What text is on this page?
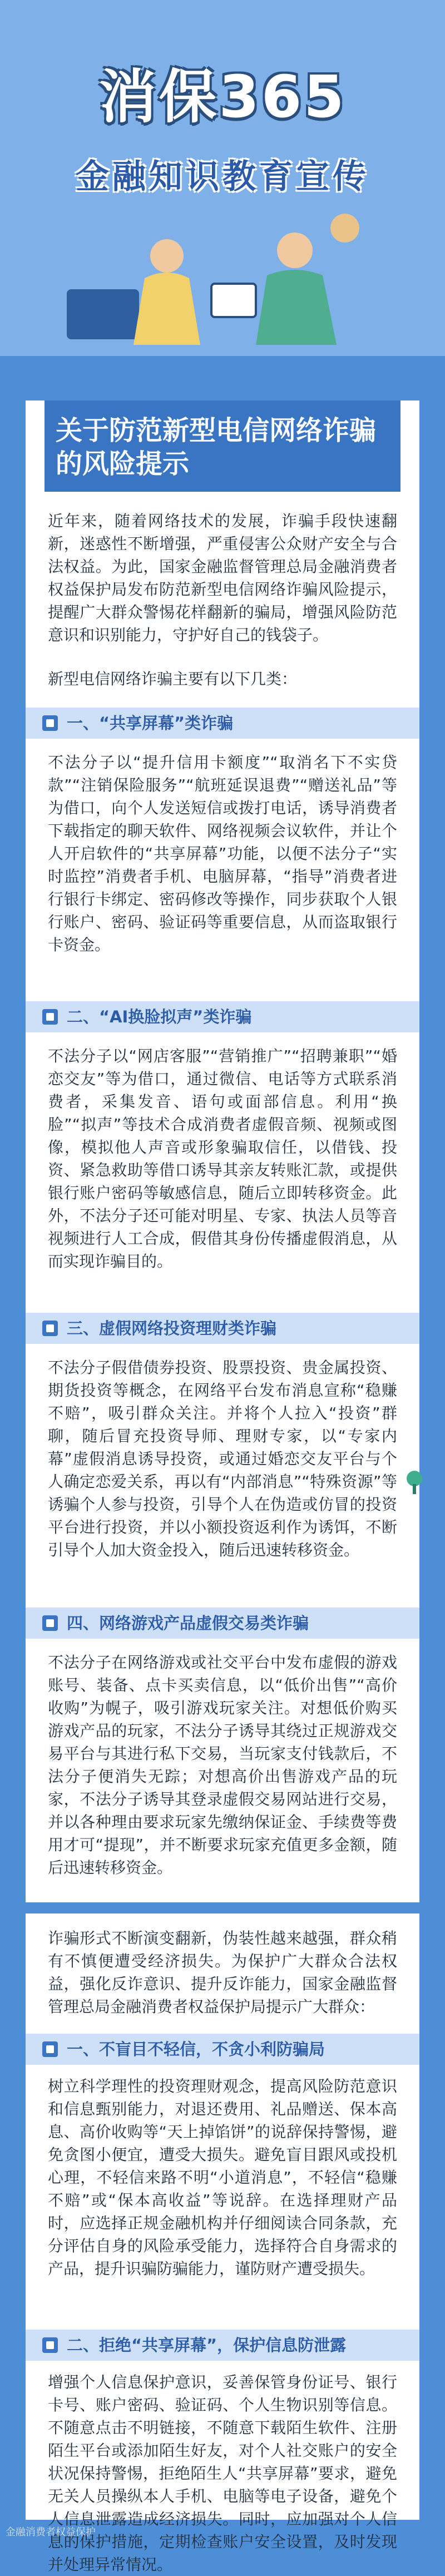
消保365
金融知识教育宣传
关于防范新型电信网络诈骗的风险提示
近年来，随着网络技术的发展，诈骗手段快速翻新，迷惑性不断增强，严重侵害公众财产安全与合法权益。为此，国家金融监督管理总局金融消费者权益保护局发布防范新型电信网络诈骗风险提示，提醒广大群众警惕花样翻新的骗局，增强风险防范意识和识别能力，守护好自己的钱袋子。
新型电信网络诈骗主要有以下几类：
一、“共享屏幕”类诈骗
不法分子以“提升信用卡额度”“取消名下不实贷款”“注销保险服务”“航班延误退费”“赠送礼品”等为借口，向个人发送短信或拨打电话，诱导消费者下载指定的聊天软件、网络视频会议软件，并让个人开启软件的“共享屏幕”功能，以便不法分子“实时监控”消费者手机、电脑屏幕，“指导”消费者进行银行卡绑定、密码修改等操作，同步获取个人银行账户、密码、验证码等重要信息，从而盗取银行卡资金。
二、“AI换脸拟声”类诈骗
不法分子以“网店客服”“营销推广”“招聘兼职”“婚恋交友”等为借口，通过微信、电话等方式联系消费者，采集发音、语句或面部信息。利用“换脸”“拟声”等技术合成消费者虚假音频、视频或图像，模拟他人声音或形象骗取信任，以借钱、投资、紧急救助等借口诱导其亲友转账汇款，或提供银行账户密码等敏感信息，随后立即转移资金。此外，不法分子还可能对明星、专家、执法人员等音视频进行人工合成，假借其身份传播虚假消息，从而实现诈骗目的。
三、虚假网络投资理财类诈骗
不法分子假借债券投资、股票投资、贵金属投资、期货投资等概念，在网络平台发布消息宣称“稳赚不赔”，吸引群众关注。并将个人拉入“投资”群聊，随后冒充投资导师、理财专家，以“专家内幕”虚假消息诱导投资，或通过婚恋交友平台与个人确定恋爱关系，再以有“内部消息”“特殊资源”等诱骗个人参与投资，引导个人在伪造或仿冒的投资平台进行投资，并以小额投资返利作为诱饵，不断引导个人加大资金投入，随后迅速转移资金。
四、网络游戏产品虚假交易类诈骗
不法分子在网络游戏或社交平台中发布虚假的游戏账号、装备、点卡买卖信息，以“低价出售”“高价收购”为幌子，吸引游戏玩家关注。对想低价购买游戏产品的玩家，不法分子诱导其绕过正规游戏交易平台与其进行私下交易，当玩家支付钱款后，不法分子便消失无踪；对想高价出售游戏产品的玩家，不法分子诱导其登录虚假交易网站进行交易，并以各种理由要求玩家先缴纳保证金、手续费等费用才可“提现”，并不断要求玩家充值更多金额，随后迅速转移资金。
诈骗形式不断演变翻新，伪装性越来越强，群众稍有不慎便遭受经济损失。为保护广大群众合法权益，强化反诈意识、提升反诈能力，国家金融监督管理总局金融消费者权益保护局提示广大群众：
一、不盲目不轻信，不贪小利防骗局
树立科学理性的投资理财观念，提高风险防范意识和信息甄别能力，对退还费用、礼品赠送、保本高息、高价收购等“天上掉馅饼”的说辞保持警惕，避免贪图小便宜，遭受大损失。避免盲目跟风或投机心理，不轻信来路不明“小道消息”，不轻信“稳赚不赔”或“保本高收益”等说辞。在选择理财产品时，应选择正规金融机构并仔细阅读合同条款，充分评估自身的风险承受能力，选择符合自身需求的产品，提升识骗防骗能力，谨防财产遭受损失。
二、拒绝“共享屏幕”，保护信息防泄露
增强个人信息保护意识，妥善保管身份证号、银行卡号、账户密码、验证码、个人生物识别等信息。不随意点击不明链接，不随意下载陌生软件、注册陌生平台或添加陌生好友，对个人社交账户的安全状况保持警惕，拒绝陌生人“共享屏幕”要求，避免无关人员操纵本人手机、电脑等电子设备，避免个人信息泄露造成经济损失。同时，应加强对个人信息的保护措施，定期检查账户安全设置，及时发现并处理异常情况。
金融消费者权益保护
